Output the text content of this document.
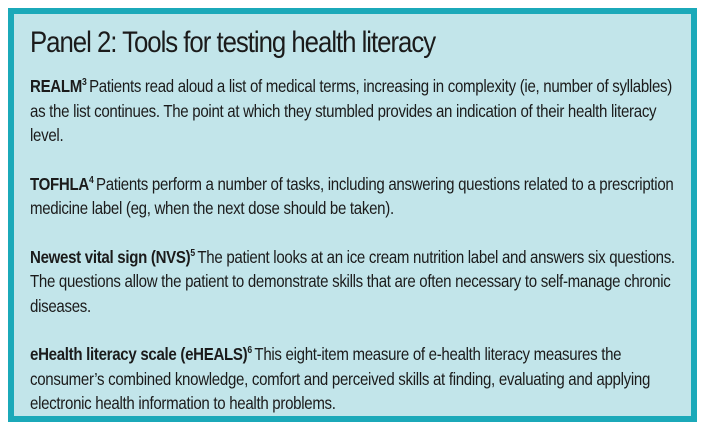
Panel 2: Tools for testing health literacy
REALM$^3$ Patients read aloud a list of medical terms, increasing in complexity (ie, number of syllables) as the list continues. The point at which they stumbled provides an indication of their health literacy level.
TOFHLA$^4$ Patients perform a number of tasks, including answering questions related to a prescription medicine label (eg, when the next dose should be taken).
Newest vital sign (NVS)$^5$ The patient looks at an ice cream nutrition label and answers six questions. The questions allow the patient to demonstrate skills that are often necessary to self-manage chronic diseases.
eHealth literacy scale (eHEALS)$^6$ This eight-item measure of e-health literacy measures the consumer’s combined knowledge, comfort and perceived skills at finding, evaluating and applying electronic health information to health problems.
